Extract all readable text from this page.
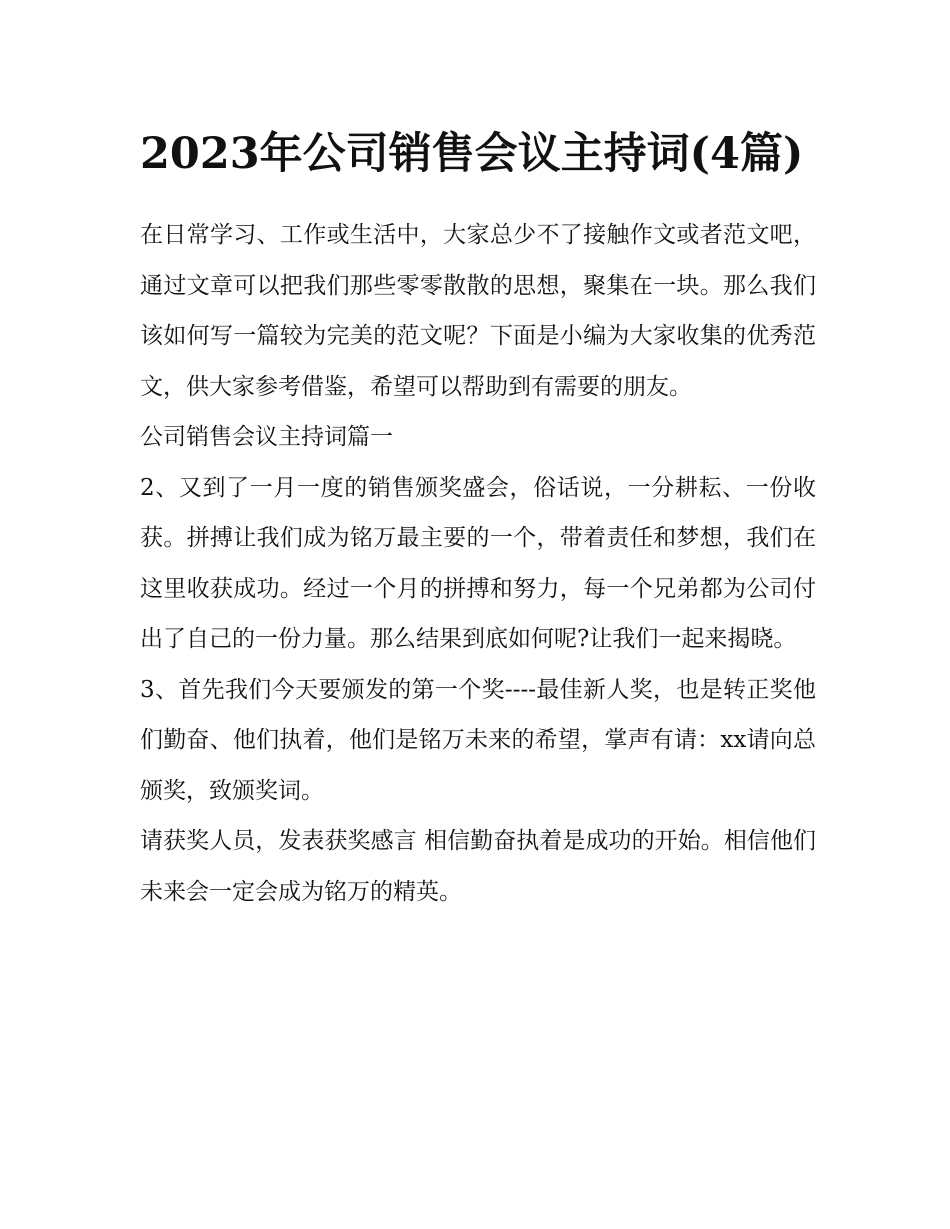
2023年公司销售会议主持词(4篇)

在日常学习、工作或生活中，大家总少不了接触作文或者范文吧，通过文章可以把我们那些零零散散的思想，聚集在一块。那么我们该如何写一篇较为完美的范文呢？下面是小编为大家收集的优秀范文，供大家参考借鉴，希望可以帮助到有需要的朋友。

公司销售会议主持词篇一

2、又到了一月一度的销售颁奖盛会，俗话说，一分耕耘、一份收获。拼搏让我们成为铭万最主要的一个，带着责任和梦想，我们在这里收获成功。经过一个月的拼搏和努力，每一个兄弟都为公司付出了自己的一份力量。那么结果到底如何呢?让我们一起来揭晓。

3、首先我们今天要颁发的第一个奖----最佳新人奖，也是转正奖他们勤奋、他们执着，他们是铭万未来的希望，掌声有请：xx请向总颁奖，致颁奖词。

请获奖人员，发表获奖感言 相信勤奋执着是成功的开始。相信他们未来会一定会成为铭万的精英。
